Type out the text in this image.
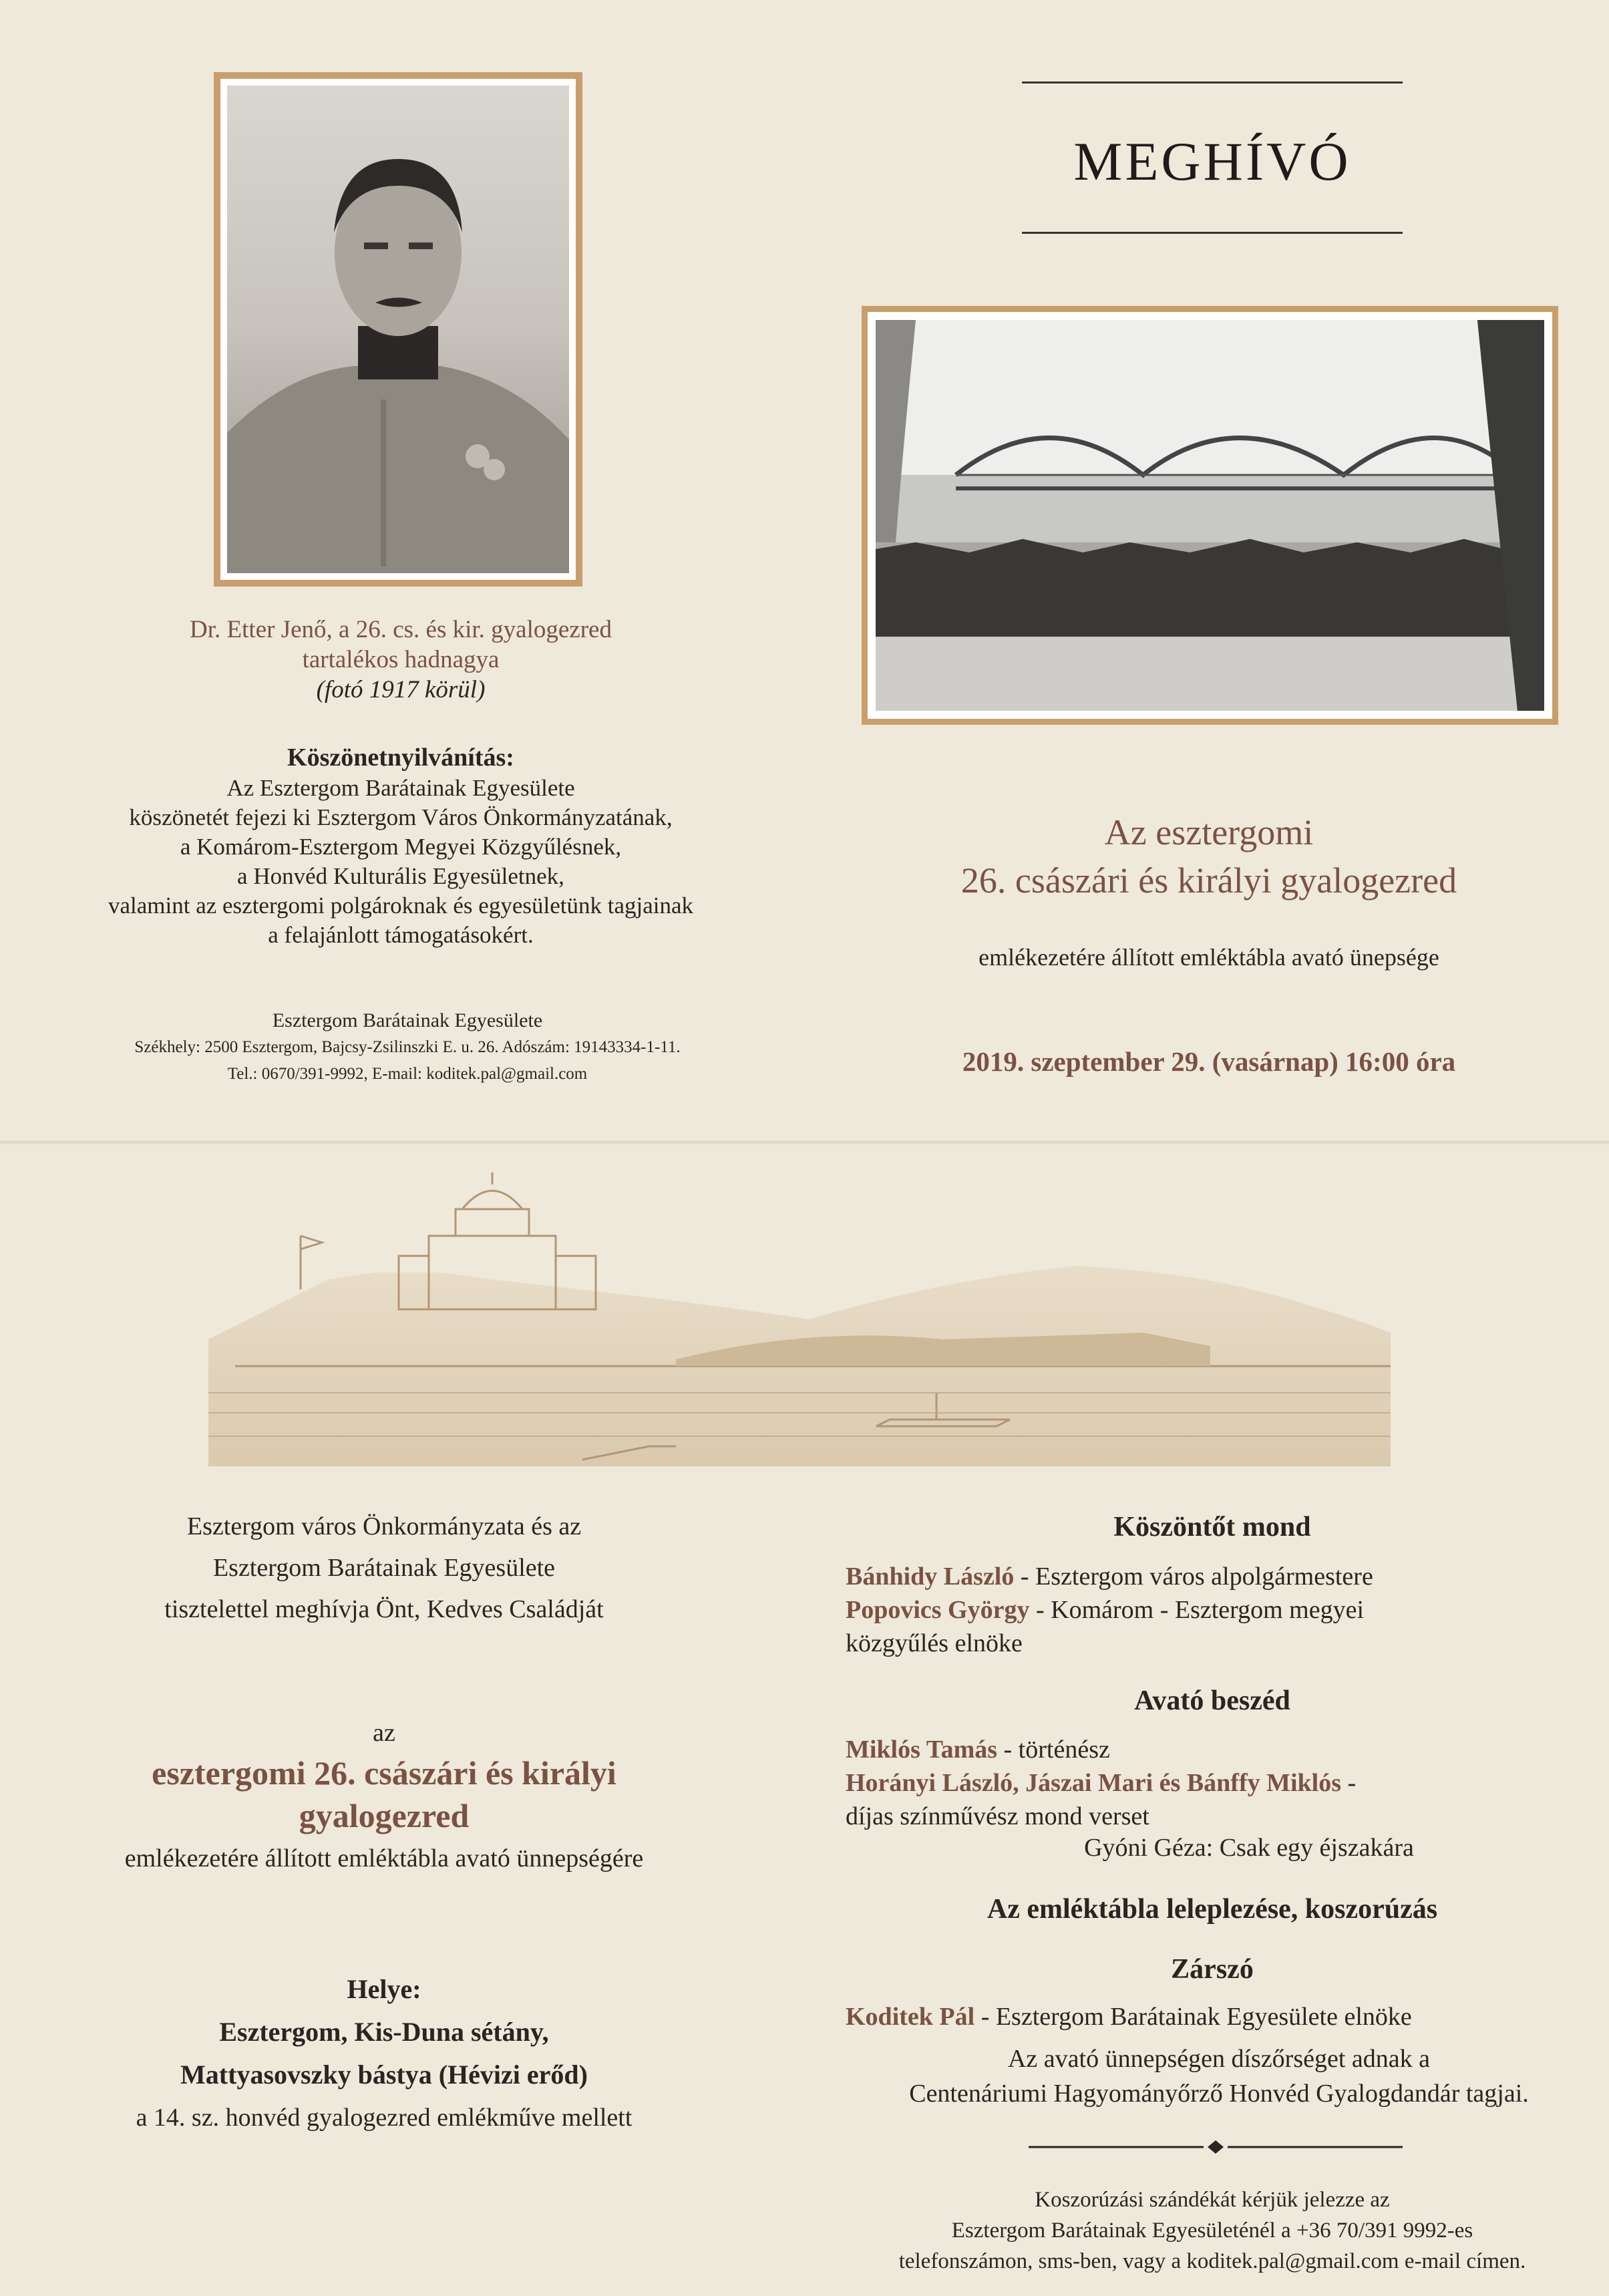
Dr. Etter Jenő, a 26. cs. és kir. gyalogezred
tartalékos hadnagya
(fotó 1917 körül)
Köszönetnyilvánítás:
Az Esztergom Barátainak Egyesülete
köszönetét fejezi ki Esztergom Város Önkormányzatának,
a Komárom-Esztergom Megyei Közgyűlésnek,
a Honvéd Kulturális Egyesületnek,
valamint az esztergomi polgároknak és egyesületünk tagjainak
a felajánlott támogatásokért.
Esztergom Barátainak Egyesülete
Székhely: 2500 Esztergom, Bajcsy-Zsilinszki E. u. 26. Adószám: 19143334-1-11.
Tel.: 0670/391-9992, E-mail: koditek.pal@gmail.com
MEGHÍVÓ
Az esztergomi
26. császári és királyi gyalogezred
emlékezetére állított emléktábla avató ünepsége
2019. szeptember 29. (vasárnap) 16:00 óra
Esztergom város Önkormányzata és az
Esztergom Barátainak Egyesülete
tisztelettel meghívja Önt, Kedves Családját
az
esztergomi 26. császári és királyi
gyalogezred
emlékezetére állított emléktábla avató ünnepségére
Helye:
Esztergom, Kis-Duna sétány,
Mattyasovszky bástya (Hévizi erőd)
a 14. sz. honvéd gyalogezred emlékműve mellett
Köszöntőt mond
Bánhidy László - Esztergom város alpolgármestere
Popovics György - Komárom - Esztergom megyei
közgyűlés elnöke
Avató beszéd
Miklós Tamás - történész
Horányi László, Jászai Mari és Bánffy Miklós -
díjas színművész mond verset
Gyóni Géza: Csak egy éjszakára
Az emléktábla leleplezése, koszorúzás
Zárszó
Koditek Pál - Esztergom Barátainak Egyesülete elnöke
Az avató ünnepségen díszőrséget adnak a
Centenáriumi Hagyományőrző Honvéd Gyalogdandár tagjai.
Koszorúzási szándékát kérjük jelezze az
Esztergom Barátainak Egyesületénél a +36 70/391 9992-es
telefonszámon, sms-ben, vagy a koditek.pal@gmail.com e-mail címen.
